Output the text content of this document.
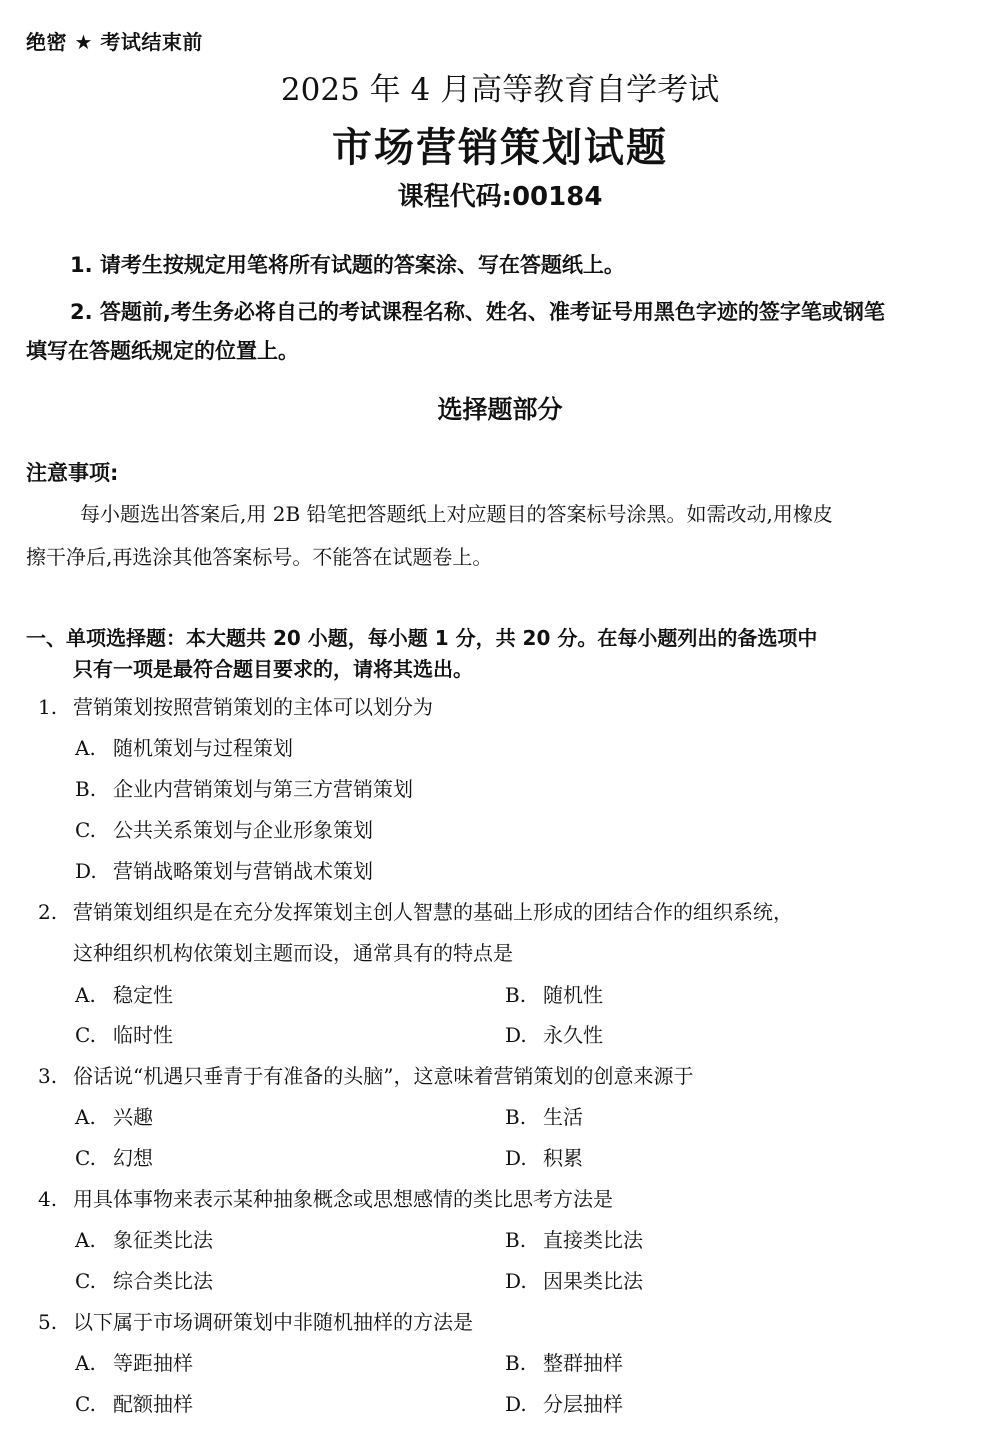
绝密 ★ 考试结束前
2025 年 4 月高等教育自学考试
市场营销策划试题
课程代码:00184
1. 请考生按规定用笔将所有试题的答案涂、写在答题纸上。
2. 答题前,考生务必将自己的考试课程名称、姓名、准考证号用黑色字迹的签字笔或钢笔
填写在答题纸规定的位置上。
选择题部分
注意事项:
每小题选出答案后,用 2B 铅笔把答题纸上对应题目的答案标号涂黑。如需改动,用橡皮
擦干净后,再选涂其他答案标号。不能答在试题卷上。
一、单项选择题：本大题共 20 小题，每小题 1 分，共 20 分。在每小题列出的备选项中
只有一项是最符合题目要求的，请将其选出。
1. 营销策划按照营销策划的主体可以划分为
A. 随机策划与过程策划
B. 企业内营销策划与第三方营销策划
C. 公共关系策划与企业形象策划
D. 营销战略策划与营销战术策划
2. 营销策划组织是在充分发挥策划主创人智慧的基础上形成的团结合作的组织系统，
这种组织机构依策划主题而设，通常具有的特点是
A. 稳定性	B. 随机性
C. 临时性	D. 永久性
3. 俗话说“机遇只垂青于有准备的头脑”，这意味着营销策划的创意来源于
A. 兴趣	B. 生活
C. 幻想	D. 积累
4. 用具体事物来表示某种抽象概念或思想感情的类比思考方法是
A. 象征类比法	B. 直接类比法
C. 综合类比法	D. 因果类比法
5. 以下属于市场调研策划中非随机抽样的方法是
A. 等距抽样	B. 整群抽样
C. 配额抽样	D. 分层抽样
